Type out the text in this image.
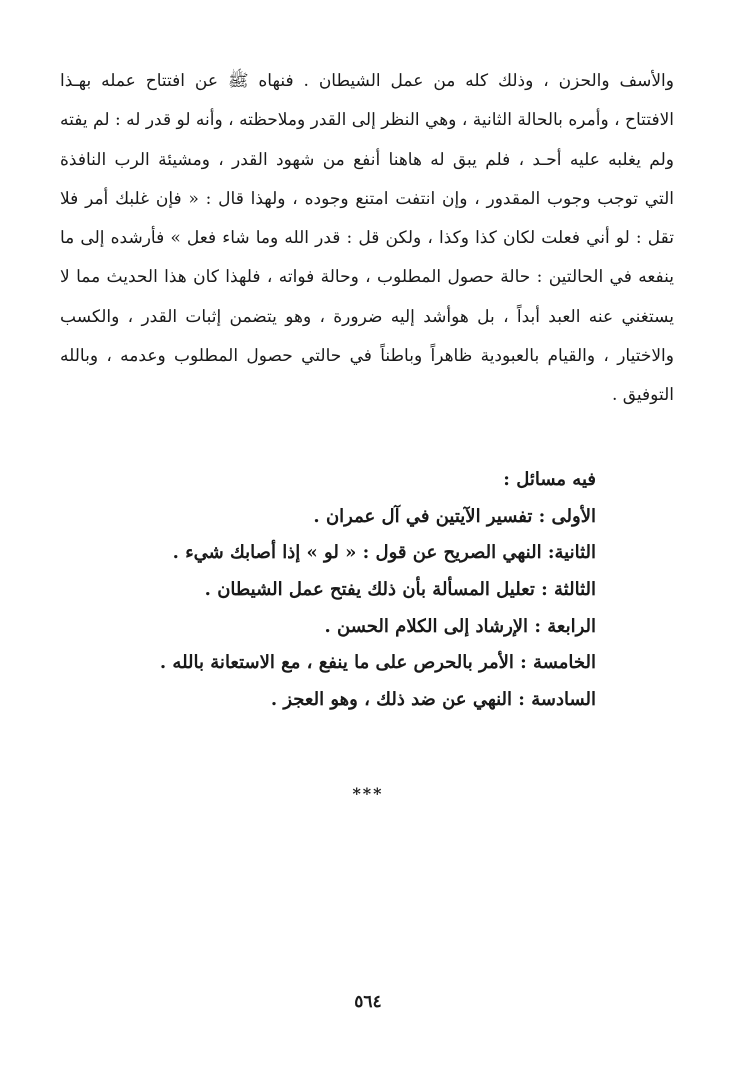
والأسف والحزن ، وذلك كله من عمل الشيطان . فنهاه ﷺ عن افتتاح عمله بهـذا
الافتتاح ، وأمره بالحالة الثانية ، وهي النظر إلى القدر وملاحظته ، وأنه لو قدر له : لم يفته
ولم يغلبه عليه أحـد ، فلم يبق له هاهنا أنفع من شهود القدر ، ومشيئة الرب النافذة
التي توجب وجوب المقدور ، وإن انتفت امتنع وجوده ، ولهذا قال : « فإن غلبك أمر فلا
تقل : لو أني فعلت لكان كذا وكذا ، ولكن قل : قدر الله وما شاء فعل » فأرشده إلى ما
ينفعه في الحالتين : حالة حصول المطلوب ، وحالة فواته ، فلهذا كان هذا الحديث مما لا
يستغني عنه العبد أبداً ، بل هوأشد إليه ضرورة ، وهو يتضمن إثبات القدر ، والكسب
والاختيار ، والقيام بالعبودية ظاهراً وباطناً في حالتي حصول المطلوب وعدمه ، وبالله
التوفيق .
فيه مسائل :
الأولى : تفسير الآيتين في آل عمران .
الثانية: النهي الصريح عن قول : « لو » إذا أصابك شيء .
الثالثة : تعليل المسألة بأن ذلك يفتح عمل الشيطان .
الرابعة : الإرشاد إلى الكلام الحسن .
الخامسة : الأمر بالحرص على ما ينفع ، مع الاستعانة بالله .
السادسة : النهي عن ضد ذلك ، وهو العجز .
***
٥٦٤
